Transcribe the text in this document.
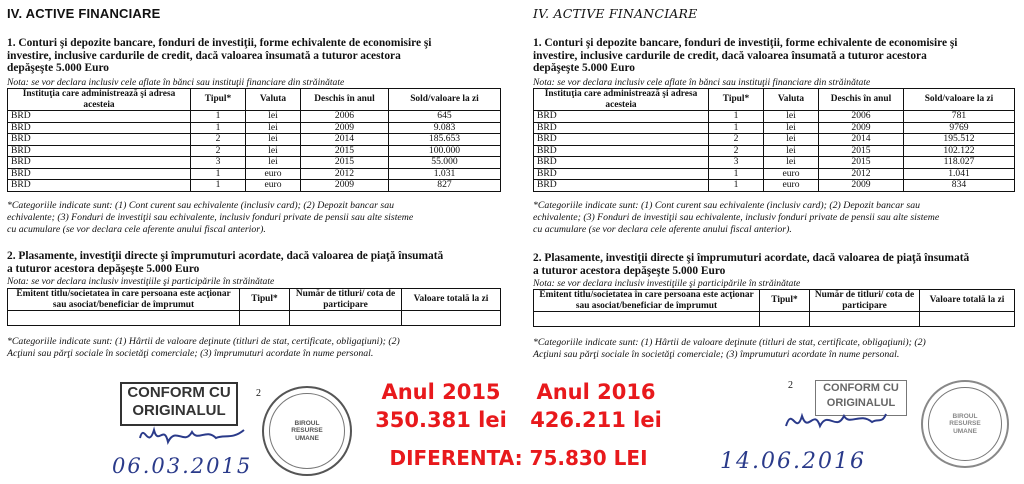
IV. ACTIVE FINANCIARE
1. Conturi şi depozite bancare, fonduri de investiţii, forme echivalente de economisire şi
investire, inclusive cardurile de credit, dacă valoarea însumată a tuturor acestora
depăşeşte 5.000 Euro
Nota: se vor declara inclusiv cele aflate în bănci sau instituţii financiare din străinătate
Instituţia care administrează şi adresa acesteia	Tipul*	Valuta	Deschis în anul	Sold/valoare la zi
BRD	1	lei	2006	645
BRD	1	lei	2009	9.083
BRD	2	lei	2014	185.653
BRD	2	lei	2015	100.000
BRD	3	lei	2015	55.000
BRD	1	euro	2012	1.031
BRD	1	euro	2009	827
*Categoriile indicate sunt: (1) Cont curent sau echivalente (inclusiv card); (2) Depozit bancar sau
echivalente; (3) Fonduri de investiţii sau echivalente, inclusiv fonduri private de pensii sau alte sisteme
cu acumulare (se vor declara cele aferente anului fiscal anterior).
2. Plasamente, investiţii directe şi împrumuturi acordate, dacă valoarea de piaţă însumată
a tuturor acestora depăşeşte 5.000 Euro
Nota: se vor declara inclusiv investiţiile şi participările în străinătate
Emitent titlu/societatea în care persoana este acţionar sau asociat/beneficiar de împrumut	Tipul*	Număr de titluri/ cota de participare	Valoare totală la zi

*Categoriile indicate sunt: (1) Hârtii de valoare deţinute (titluri de stat, certificate, obligaţiuni); (2)
Acţiuni sau părţi sociale în societăţi comerciale; (3) împrumuturi acordate în nume personal.
CONFORM CU
ORIGINALUL
2
BIROUL RESURSE UMANE
06.03.2015
IV. ACTIVE FINANCIARE
1. Conturi şi depozite bancare, fonduri de investiţii, forme echivalente de economisire şi
investire, inclusive cardurile de credit, dacă valoarea însumată a tuturor acestora
depăşeşte 5.000 Euro
Nota: se vor declara inclusiv cele aflate în bănci sau instituţii financiare din străinătate
Instituţia care administrează şi adresa acesteia	Tipul*	Valuta	Deschis în anul	Sold/valoare la zi
BRD	1	lei	2006	781
BRD	1	lei	2009	9769
BRD	2	lei	2014	195.512
BRD	2	lei	2015	102.122
BRD	3	lei	2015	118.027
BRD	1	euro	2012	1.041
BRD	1	euro	2009	834
*Categoriile indicate sunt: (1) Cont curent sau echivalente (inclusiv card); (2) Depozit bancar sau
echivalente; (3) Fonduri de investiţii sau echivalente, inclusiv fonduri private de pensii sau alte sisteme
cu acumulare (se vor declara cele aferente anului fiscal anterior).
2. Plasamente, investiţii directe şi împrumuturi acordate, dacă valoarea de piaţă însumată
a tuturor acestora depăşeşte 5.000 Euro
Nota: se vor declara inclusiv investiţiile şi participările în străinătate
Emitent titlu/societatea în care persoana este acţionar sau asociat/beneficiar de împrumut	Tipul*	Număr de titluri/ cota de participare	Valoare totală la zi

*Categoriile indicate sunt: (1) Hârtii de valoare deţinute (titluri de stat, certificate, obligaţiuni); (2)
Acţiuni sau părţi sociale în societăţi comerciale; (3) împrumuturi acordate în nume personal.
2	CONFORM CU
ORIGINALUL
BIROUL RESURSE UMANE
14.06.2016
Anul 2015
350.381 lei
Anul 2016
426.211 lei
DIFERENTA: 75.830 LEI
